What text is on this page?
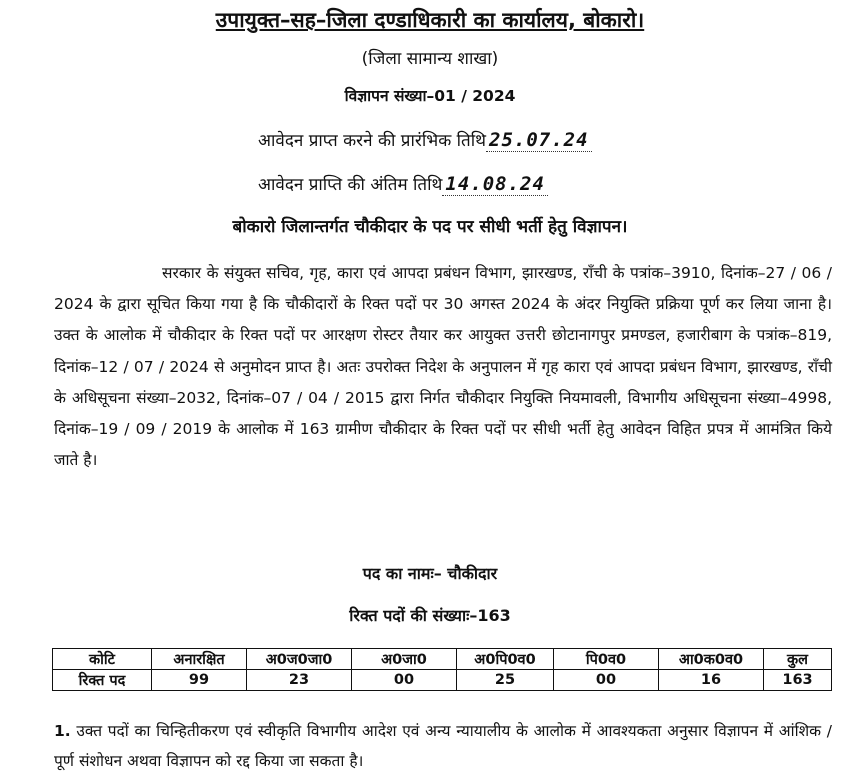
उपायुक्त–सह–जिला दण्डाधिकारी का कार्यालय, बोकारो।
(जिला सामान्य शाखा)
विज्ञापन संख्या–01 / 2024
आवेदन प्राप्त करने की प्रारंभिक तिथि 25.07.24
आवेदन प्राप्ति की अंतिम तिथि 14.08.24
बोकारो जिलान्तर्गत चौकीदार के पद पर सीधी भर्ती हेतु विज्ञापन।
सरकार के संयुक्त सचिव, गृह, कारा एवं आपदा प्रबंधन विभाग, झारखण्ड, राँची के पत्रांक–3910, दिनांक–27 / 06 / 2024 के द्वारा सूचित किया गया है कि चौकीदारों के रिक्त पदों पर 30 अगस्त 2024 के अंदर नियुक्ति प्रक्रिया पूर्ण कर लिया जाना है। उक्त के आलोक में चौकीदार के रिक्त पदों पर आरक्षण रोस्टर तैयार कर आयुक्त उत्तरी छोटानागपुर प्रमण्डल, हजारीबाग के पत्रांक–819, दिनांक–12 / 07 / 2024 से अनुमोदन प्राप्त है। अतः उपरोक्त निदेश के अनुपालन में गृह कारा एवं आपदा प्रबंधन विभाग, झारखण्ड, राँची के अधिसूचना संख्या–2032, दिनांक–07 / 04 / 2015 द्वारा निर्गत चौकीदार नियुक्ति नियमावली, विभागीय अधिसूचना संख्या–4998, दिनांक–19 / 09 / 2019 के आलोक में 163 ग्रामीण चौकीदार के रिक्त पदों पर सीधी भर्ती हेतु आवेदन विहित प्रपत्र में आमंत्रित किये जाते है।
पद का नामः– चौकीदार
रिक्त पदों की संख्याः–163
कोटि	अनारक्षित	अ0ज0जा0	अ0जा0	अ0पि0व0	पि0व0	आ0क0व0	कुल
रिक्त पद	99	23	00	25	00	16	163
1. उक्त पदों का चिन्हितीकरण एवं स्वीकृति विभागीय आदेश एवं अन्य न्यायालीय के आलोक में आवश्यकता अनुसार विज्ञापन में आंशिक / पूर्ण संशोधन अथवा विज्ञापन को रद्द किया जा सकता है।
